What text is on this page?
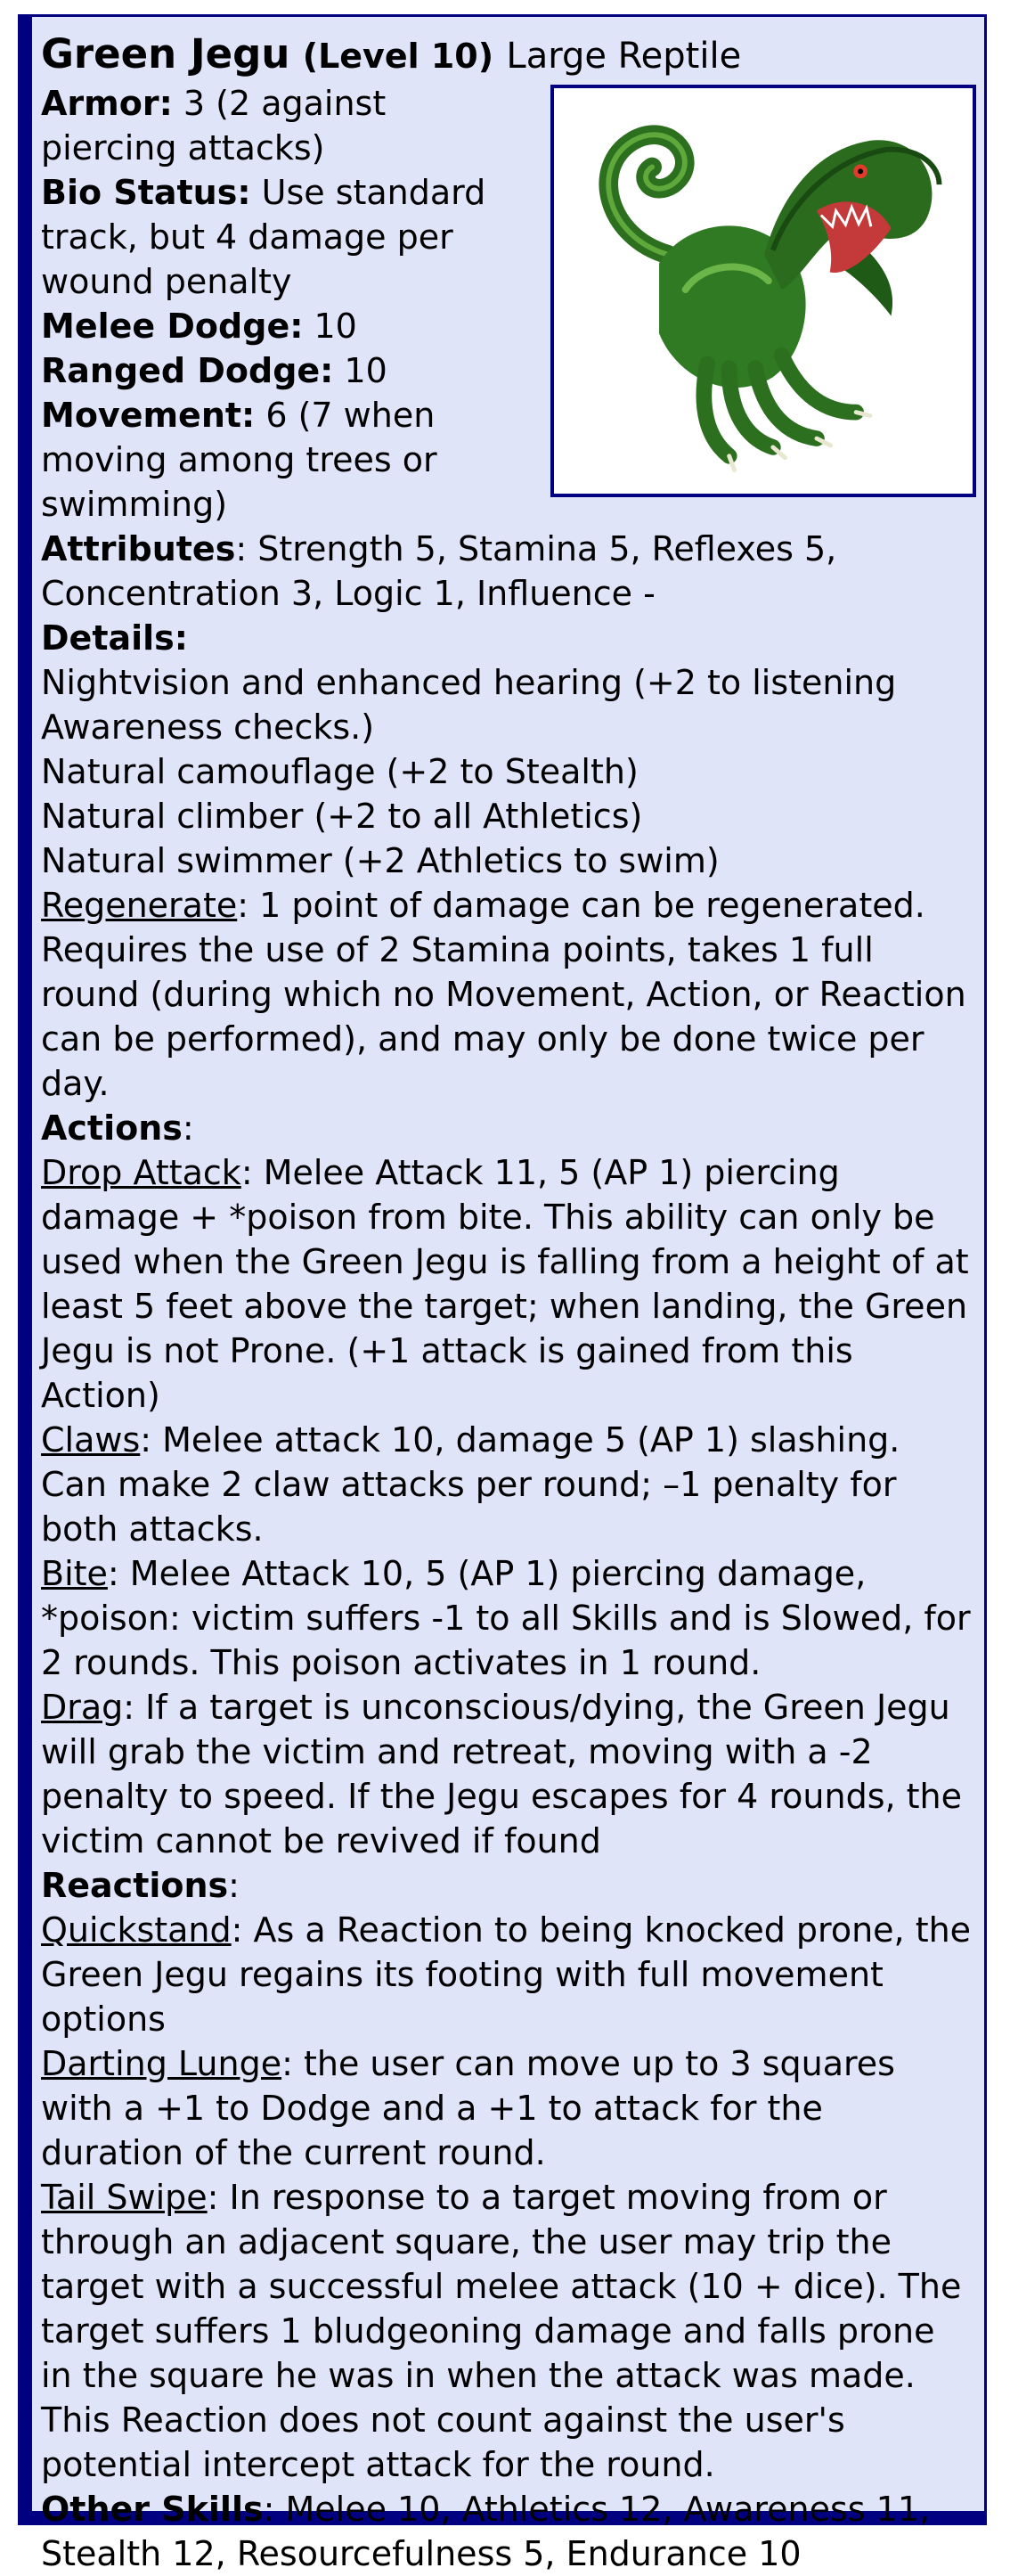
Green Jegu (Level 10) Large Reptile

Armor: 3 (2 against piercing attacks)

Bio Status: Use standard track, but 4 damage per wound penalty

Melee Dodge: 10

Ranged Dodge: 10

Movement: 6 (7 when moving among trees or swimming)

Attributes: Strength 5, Stamina 5, Reflexes 5, Concentration 3, Logic 1, Influence -

Details:

Nightvision and enhanced hearing (+2 to listening Awareness checks.)

Natural camouflage (+2 to Stealth)

Natural climber (+2 to all Athletics)

Natural swimmer (+2 Athletics to swim)

Regenerate: 1 point of damage can be regenerated. Requires the use of 2 Stamina points, takes 1 full round (during which no Movement, Action, or Reaction can be performed), and may only be done twice per day.

Actions:

Drop Attack: Melee Attack 11, 5 (AP 1) piercing damage + *poison from bite. This ability can only be used when the Green Jegu is falling from a height of at least 5 feet above the target; when landing, the Green Jegu is not Prone. (+1 attack is gained from this Action)

Claws: Melee attack 10, damage 5 (AP 1) slashing. Can make 2 claw attacks per round; –1 penalty for both attacks.

Bite: Melee Attack 10, 5 (AP 1) piercing damage, *poison: victim suffers -1 to all Skills and is Slowed, for 2 rounds. This poison activates in 1 round.

Drag: If a target is unconscious/dying, the Green Jegu will grab the victim and retreat, moving with a -2 penalty to speed. If the Jegu escapes for 4 rounds, the victim cannot be revived if found

Reactions:

Quickstand: As a Reaction to being knocked prone, the Green Jegu regains its footing with full movement options

Darting Lunge: the user can move up to 3 squares with a +1 to Dodge and a +1 to attack for the duration of the current round.

Tail Swipe: In response to a target moving from or through an adjacent square, the user may trip the target with a successful melee attack (10 + dice). The target suffers 1 bludgeoning damage and falls prone in the square he was in when the attack was made. This Reaction does not count against the user's potential intercept attack for the round.

Other Skills: Melee 10, Athletics 12, Awareness 11, Stealth 12, Resourcefulness 5, Endurance 10
